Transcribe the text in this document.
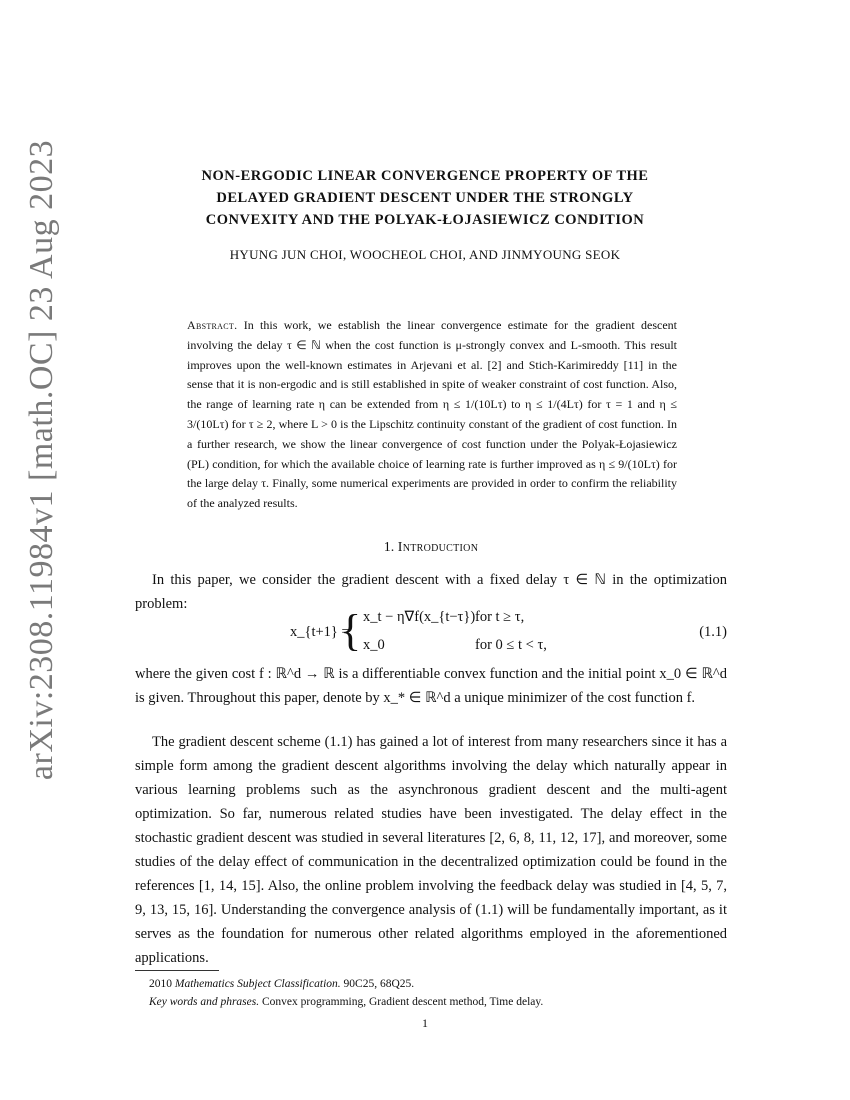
arXiv:2308.11984v1 [math.OC] 23 Aug 2023	NON-ERGODIC LINEAR CONVERGENCE PROPERTY OF THE
DELAYED GRADIENT DESCENT UNDER THE STRONGLY
CONVEXITY AND THE POLYAK-ŁOJASIEWICZ CONDITION
HYUNG JUN CHOI, WOOCHEOL CHOI, AND JINMYOUNG SEOK

Abstract. In this work, we establish the linear convergence estimate for the gradient descent involving the delay τ ∈ ℕ when the cost function is μ-strongly convex and L-smooth. This result improves upon the well-known estimates in Arjevani et al. [2] and Stich-Karimireddy [11] in the sense that it is non-ergodic and is still established in spite of weaker constraint of cost function. Also, the range of learning rate η can be extended from η ≤ 1/(10Lτ) to η ≤ 1/(4Lτ) for τ = 1 and η ≤ 3/(10Lτ) for τ ≥ 2, where L > 0 is the Lipschitz continuity constant of the gradient of cost function. In a further research, we show the linear convergence of cost function under the Polyak-Łojasiewicz (PL) condition, for which the available choice of learning rate is further improved as η ≤ 9/(10Lτ) for the large delay τ. Finally, some numerical experiments are provided in order to confirm the reliability of the analyzed results.

1. Introduction

In this paper, we consider the gradient descent with a fixed delay τ ∈ ℕ in the optimization problem:

x_{t+1} =
{ x_t − η∇f(x_{t−τ}) for t ≥ τ,
x_0	for 0 ≤ t < τ,
(1.1)

where the given cost f : ℝ^d → ℝ is a differentiable convex function and the initial point x_0 ∈ ℝ^d is given. Throughout this paper, denote by x_* ∈ ℝ^d a unique minimizer of the cost function f.

The gradient descent scheme (1.1) has gained a lot of interest from many researchers since it has a simple form among the gradient descent algorithms involving the delay which naturally appear in various learning problems such as the asynchronous gradient descent and the multi-agent optimization. So far, numerous related studies have been investigated. The delay effect in the stochastic gradient descent was studied in several literatures [2, 6, 8, 11, 12, 17], and moreover, some studies of the delay effect of communication in the decentralized optimization could be found in the references [1, 14, 15]. Also, the online problem involving the feedback delay was studied in [4, 5, 7, 9, 13, 15, 16]. Understanding the convergence analysis of (1.1) will be fundamentally important, as it serves as the foundation for numerous other related algorithms employed in the aforementioned applications.

2010 Mathematics Subject Classification. 90C25, 68Q25.

Key words and phrases. Convex programming, Gradient descent method, Time delay.

1
